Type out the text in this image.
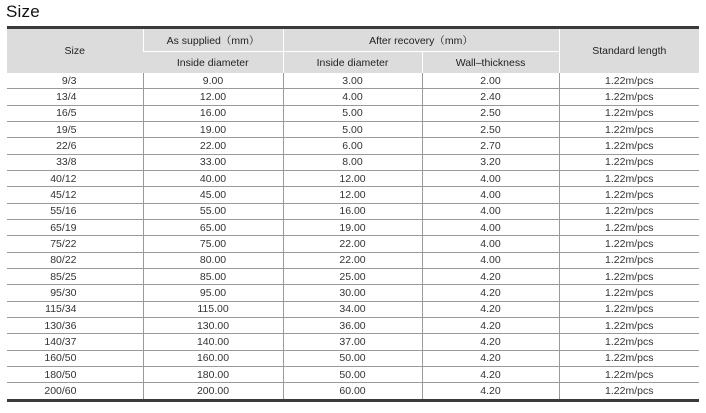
Size
Size	As supplied（mm）	After recovery（mm）		Standard length
	Inside diameter	Inside diameter	Wall–thickness	
9/3	9.00	3.00	2.00	1.22m/pcs
13/4	12.00	4.00	2.40	1.22m/pcs
16/5	16.00	5.00	2.50	1.22m/pcs
19/5	19.00	5.00	2.50	1.22m/pcs
22/6	22.00	6.00	2.70	1.22m/pcs
33/8	33.00	8.00	3.20	1.22m/pcs
40/12	40.00	12.00	4.00	1.22m/pcs
45/12	45.00	12.00	4.00	1.22m/pcs
55/16	55.00	16.00	4.00	1.22m/pcs
65/19	65.00	19.00	4.00	1.22m/pcs
75/22	75.00	22.00	4.00	1.22m/pcs
80/22	80.00	22.00	4.00	1.22m/pcs
85/25	85.00	25.00	4.20	1.22m/pcs
95/30	95.00	30.00	4.20	1.22m/pcs
115/34	115.00	34.00	4.20	1.22m/pcs
130/36	130.00	36.00	4.20	1.22m/pcs
140/37	140.00	37.00	4.20	1.22m/pcs
160/50	160.00	50.00	4.20	1.22m/pcs
180/50	180.00	50.00	4.20	1.22m/pcs
200/60	200.00	60.00	4.20	1.22m/pcs
